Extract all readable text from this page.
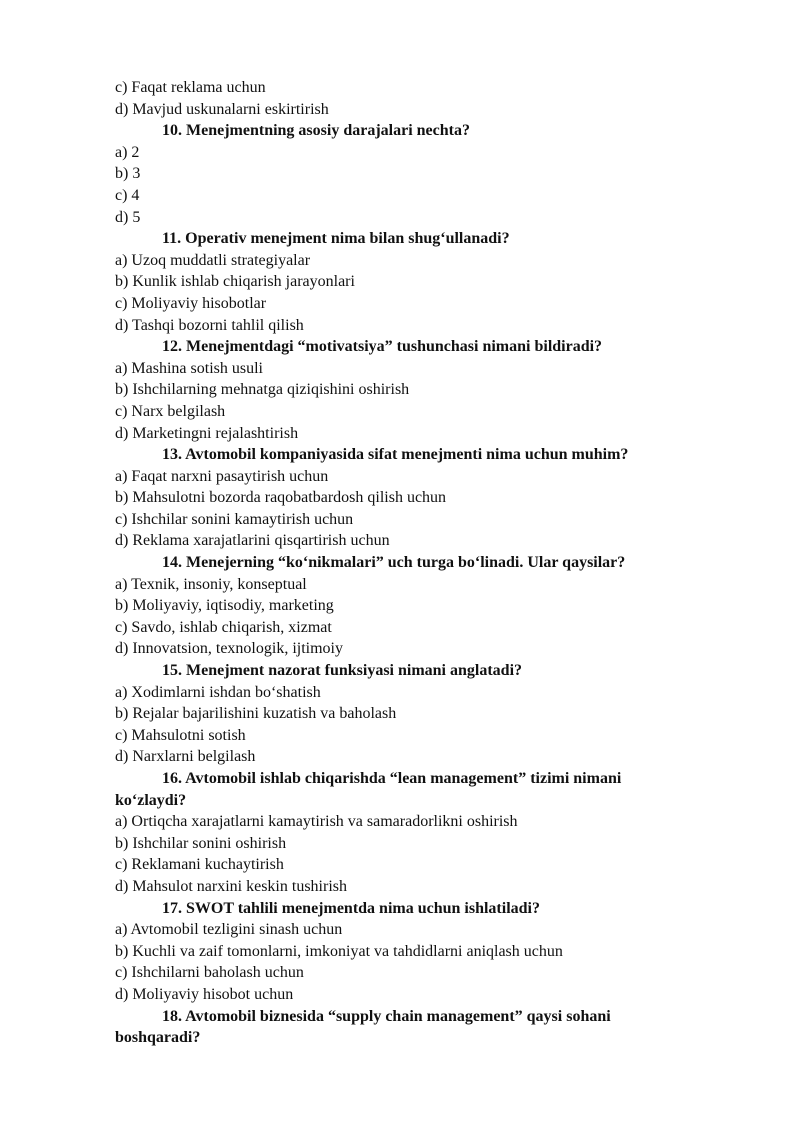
c) Faqat reklama uchun
d) Mavjud uskunalarni eskirtirish
10. Menejmentning asosiy darajalari nechta?
a) 2
b) 3
c) 4
d) 5
11. Operativ menejment nima bilan shug‘ullanadi?
a) Uzoq muddatli strategiyalar
b) Kunlik ishlab chiqarish jarayonlari
c) Moliyaviy hisobotlar
d) Tashqi bozorni tahlil qilish
12. Menejmentdagi “motivatsiya” tushunchasi nimani bildiradi?
a) Mashina sotish usuli
b) Ishchilarning mehnatga qiziqishini oshirish
c) Narx belgilash
d) Marketingni rejalashtirish
13. Avtomobil kompaniyasida sifat menejmenti nima uchun muhim?
a) Faqat narxni pasaytirish uchun
b) Mahsulotni bozorda raqobatbardosh qilish uchun
c) Ishchilar sonini kamaytirish uchun
d) Reklama xarajatlarini qisqartirish uchun
14. Menejerning “ko‘nikmalari” uch turga bo‘linadi. Ular qaysilar?
a) Texnik, insoniy, konseptual
b) Moliyaviy, iqtisodiy, marketing
c) Savdo, ishlab chiqarish, xizmat
d) Innovatsion, texnologik, ijtimoiy
15. Menejment nazorat funksiyasi nimani anglatadi?
a) Xodimlarni ishdan bo‘shatish
b) Rejalar bajarilishini kuzatish va baholash
c) Mahsulotni sotish
d) Narxlarni belgilash
16. Avtomobil ishlab chiqarishda “lean management” tizimi nimani
ko‘zlaydi?
a) Ortiqcha xarajatlarni kamaytirish va samaradorlikni oshirish
b) Ishchilar sonini oshirish
c) Reklamani kuchaytirish
d) Mahsulot narxini keskin tushirish
17. SWOT tahlili menejmentda nima uchun ishlatiladi?
a) Avtomobil tezligini sinash uchun
b) Kuchli va zaif tomonlarni, imkoniyat va tahdidlarni aniqlash uchun
c) Ishchilarni baholash uchun
d) Moliyaviy hisobot uchun
18. Avtomobil biznesida “supply chain management” qaysi sohani
boshqaradi?
